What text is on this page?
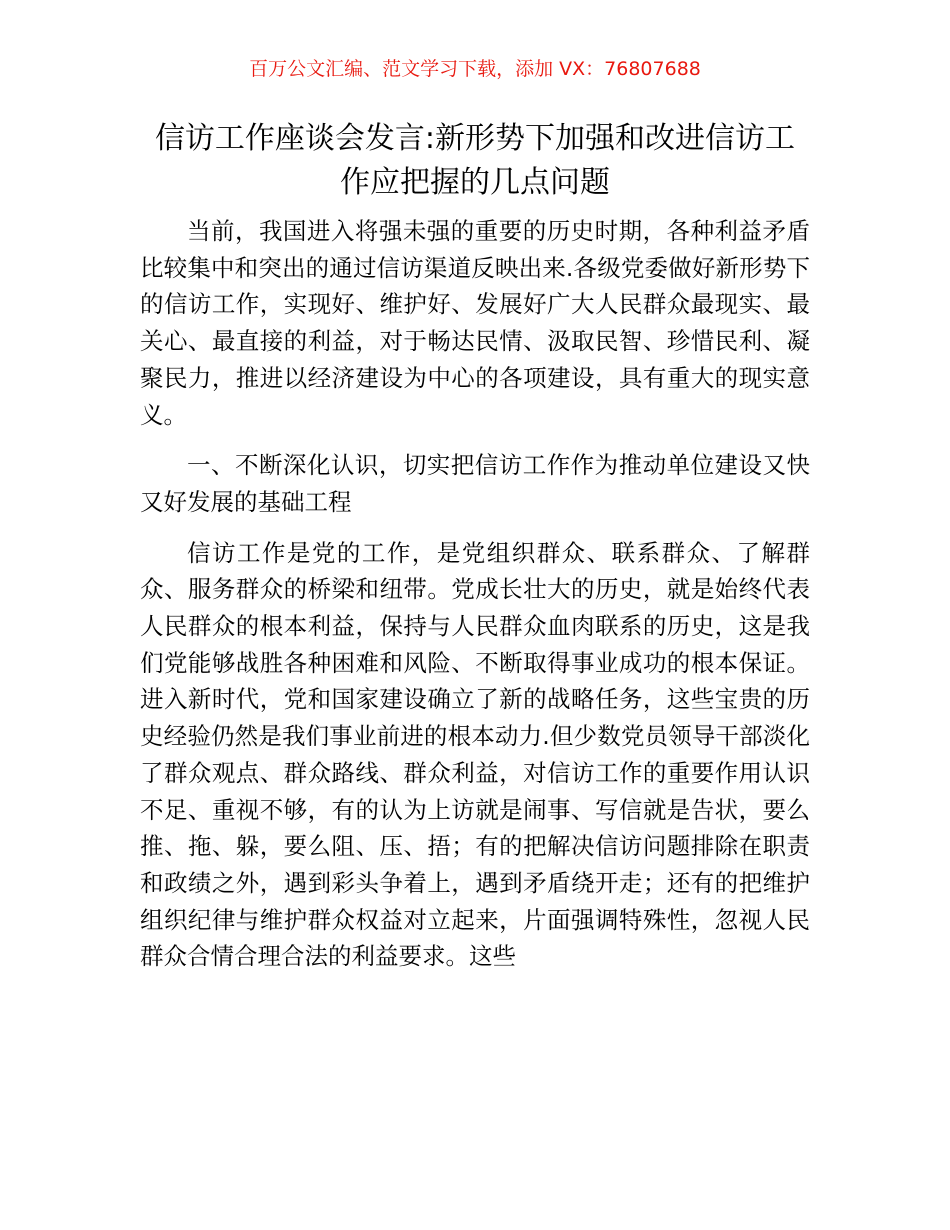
百万公文汇编、范文学习下载，添加 VX：76807688
信访工作座谈会发言:新形势下加强和改进信访工作应把握的几点问题

当前，我国进入将强未强的重要的历史时期，各种利益矛盾比较集中和突出的通过信访渠道反映出来.各级党委做好新形势下的信访工作，实现好、维护好、发展好广大人民群众最现实、最关心、最直接的利益，对于畅达民情、汲取民智、珍惜民利、凝聚民力，推进以经济建设为中心的各项建设，具有重大的现实意义。

一、不断深化认识，切实把信访工作作为推动单位建设又快又好发展的基础工程

信访工作是党的工作，是党组织群众、联系群众、了解群众、服务群众的桥梁和纽带。党成长壮大的历史，就是始终代表人民群众的根本利益，保持与人民群众血肉联系的历史，这是我们党能够战胜各种困难和风险、不断取得事业成功的根本保证。进入新时代，党和国家建设确立了新的战略任务，这些宝贵的历史经验仍然是我们事业前进的根本动力.但少数党员领导干部淡化了群众观点、群众路线、群众利益，对信访工作的重要作用认识不足、重视不够，有的认为上访就是闹事、写信就是告状，要么推、拖、躲，要么阻、压、捂；有的把解决信访问题排除在职责和政绩之外，遇到彩头争着上，遇到矛盾绕开走；还有的把维护组织纪律与维护群众权益对立起来，片面强调特殊性，忽视人民群众合情合理合法的利益要求。这些
